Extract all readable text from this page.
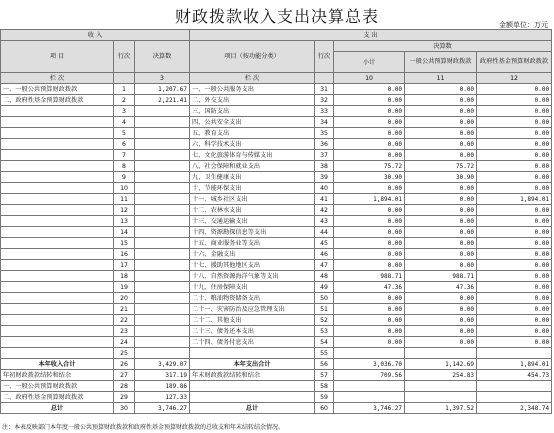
财政拨款收入支出决算总表	金额单位：万元
收 入			支 出				
项 目	行次	决算数	项目（按功能分类）	行次	决算数		
					小计	一般公共预算财政拨款	政府性基金预算财政拨款
栏 次		3	栏 次		10	11	12
一、一般公共预算财政拨款	1	1,207.67	一、一般公共服务支出	31	0.00	0.00	0.00
二、政府性基金预算财政拨款	2	2,221.41	二、外交支出	32	0.00	0.00	0.00
	3		三、国防支出	33	0.00	0.00	0.00
	4		四、公共安全支出	34	0.00	0.00	0.00
	5		五、教育支出	35	0.00	0.00	0.00
	6		六、科学技术支出	36	0.00	0.00	0.00
	7		七、文化旅游体育与传媒支出	37	0.00	0.00	0.00
	8		八、社会保障和就业支出	38	75.72	75.72	0.00
	9		九、卫生健康支出	39	30.90	30.90	0.00
	10		十、节能环保支出	40	0.00	0.00	0.00
	11		十一、城乡社区支出	41	1,894.01	0.00	1,894.01
	12		十二、农林水支出	42	0.00	0.00	0.00
	13		十三、交通运输支出	43	0.00	0.00	0.00
	14		十四、资源勘探信息等支出	44	0.00	0.00	0.00
	15		十五、商业服务业等支出	45	0.00	0.00	0.00
	16		十六、金融支出	46	0.00	0.00	0.00
	17		十七、援助其他地区支出	47	0.00	0.00	0.00
	18		十八、自然资源海洋气象等支出	48	988.71	988.71	0.00
	19		十九、住房保障支出	49	47.36	47.36	0.00
	20		二十、粮油物资储备支出	50	0.00	0.00	0.00
	21		二十一、灾害防治及应急管理支出	51	0.00	0.00	0.00
	22		二十二、其他支出	52	0.00	0.00	0.00
	23		二十三、债务还本支出	53	0.00	0.00	0.00
	24		二十四、债务付息支出	54	0.00	0.00	0.00
	25			55			
本年收入合计	26	3,429.07	本年支出合计	56	3,036.70	1,142.69	1,894.01
年初财政拨款结转和结余	27	317.19	年末财政拨款结转和结余	57	709.56	254.83	454.73
一、一般公共预算财政拨款	28	189.86		58			
二、政府性基金预算财政拨款	29	127.33		59			
总计	30	3,746.27	总计	60	3,746.27	1,397.52	2,348.74
注：本表反映部门本年度一般公共预算财政拨款和政府性基金预算财政拨款的总收支和年末结转结余情况。
